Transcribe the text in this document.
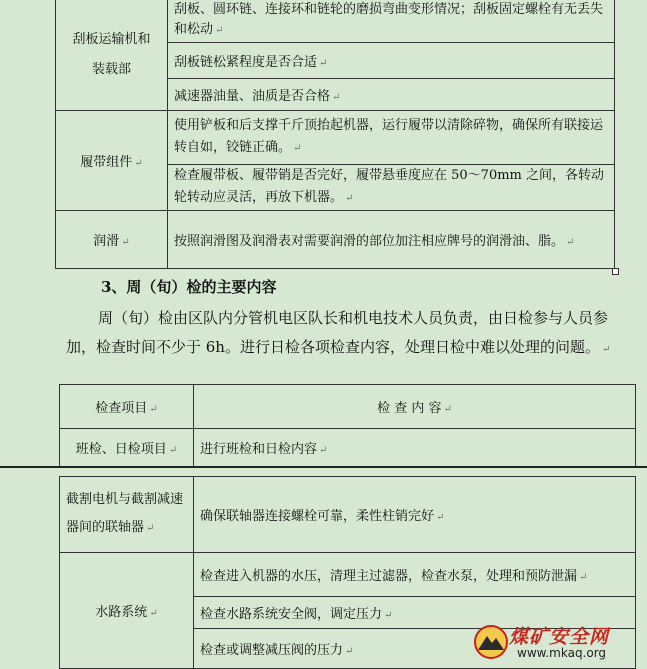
刮板运输机和装载部	刮板、圆环链、连接环和链轮的磨损弯曲变形情况；刮板固定螺栓有无丢失和松动 ↵
	刮板链松紧程度是否合适 ↵
	减速器油量、油质是否合格 ↵
履带组件 ↵	使用铲板和后支撑千斤顶抬起机器，运行履带以清除碎物，确保所有联接运转自如，铰链正确。 ↵
	检查履带板、履带销是否完好，履带悬垂度应在 50～70mm 之间，各转动轮转动应灵活，再放下机器。 ↵
润滑 ↵	按照润滑图及润滑表对需要润滑的部位加注相应牌号的润滑油、脂。 ↵
3、周（旬）检的主要内容

周（旬）检由区队内分管机电区队长和机电技术人员负责，由日检参与人员参加，检查时间不少于 6h。进行日检各项检查内容，处理日检中难以处理的问题。 ↵

检查项目 ↵	检 查 内 容 ↵
班检、日检项目 ↵	进行班检和日检内容 ↵
截割电机与截割减速器间的联轴器 ↵	确保联轴器连接螺栓可靠，柔性柱销完好 ↵
水路系统 ↵	检查进入机器的水压，清理主过滤器，检查水泵，处理和预防泄漏 ↵
	检查水路系统安全阀，调定压力 ↵
	检查或调整减压阀的压力 ↵
煤矿安全网
www.mkaq.org
